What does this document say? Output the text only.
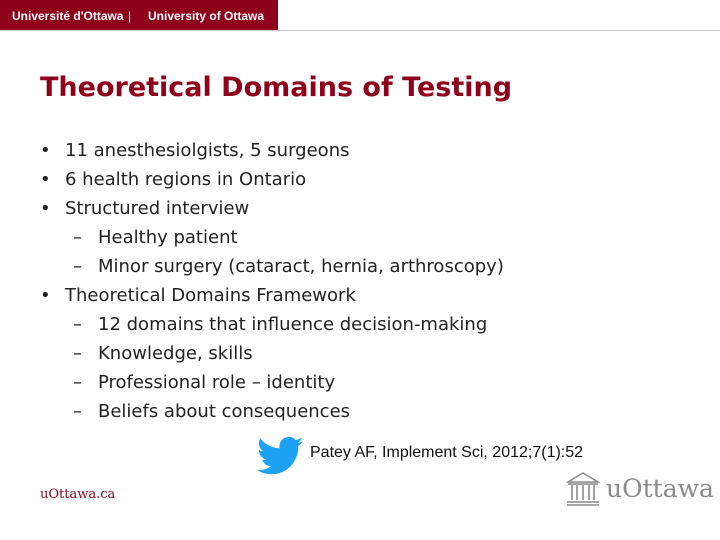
Université d'Ottawa | University of Ottawa
Theoretical Domains of Testing
• 11 anesthesiolgists, 5 surgeons
• 6 health regions in Ontario
• Structured interview
– Healthy patient
– Minor surgery (cataract, hernia, arthroscopy)
• Theoretical Domains Framework
– 12 domains that influence decision-making
– Knowledge, skills
– Professional role – identity
– Beliefs about consequences
Patey AF, Implement Sci, 2012;7(1):52
uOttawa.ca	uOttawa
